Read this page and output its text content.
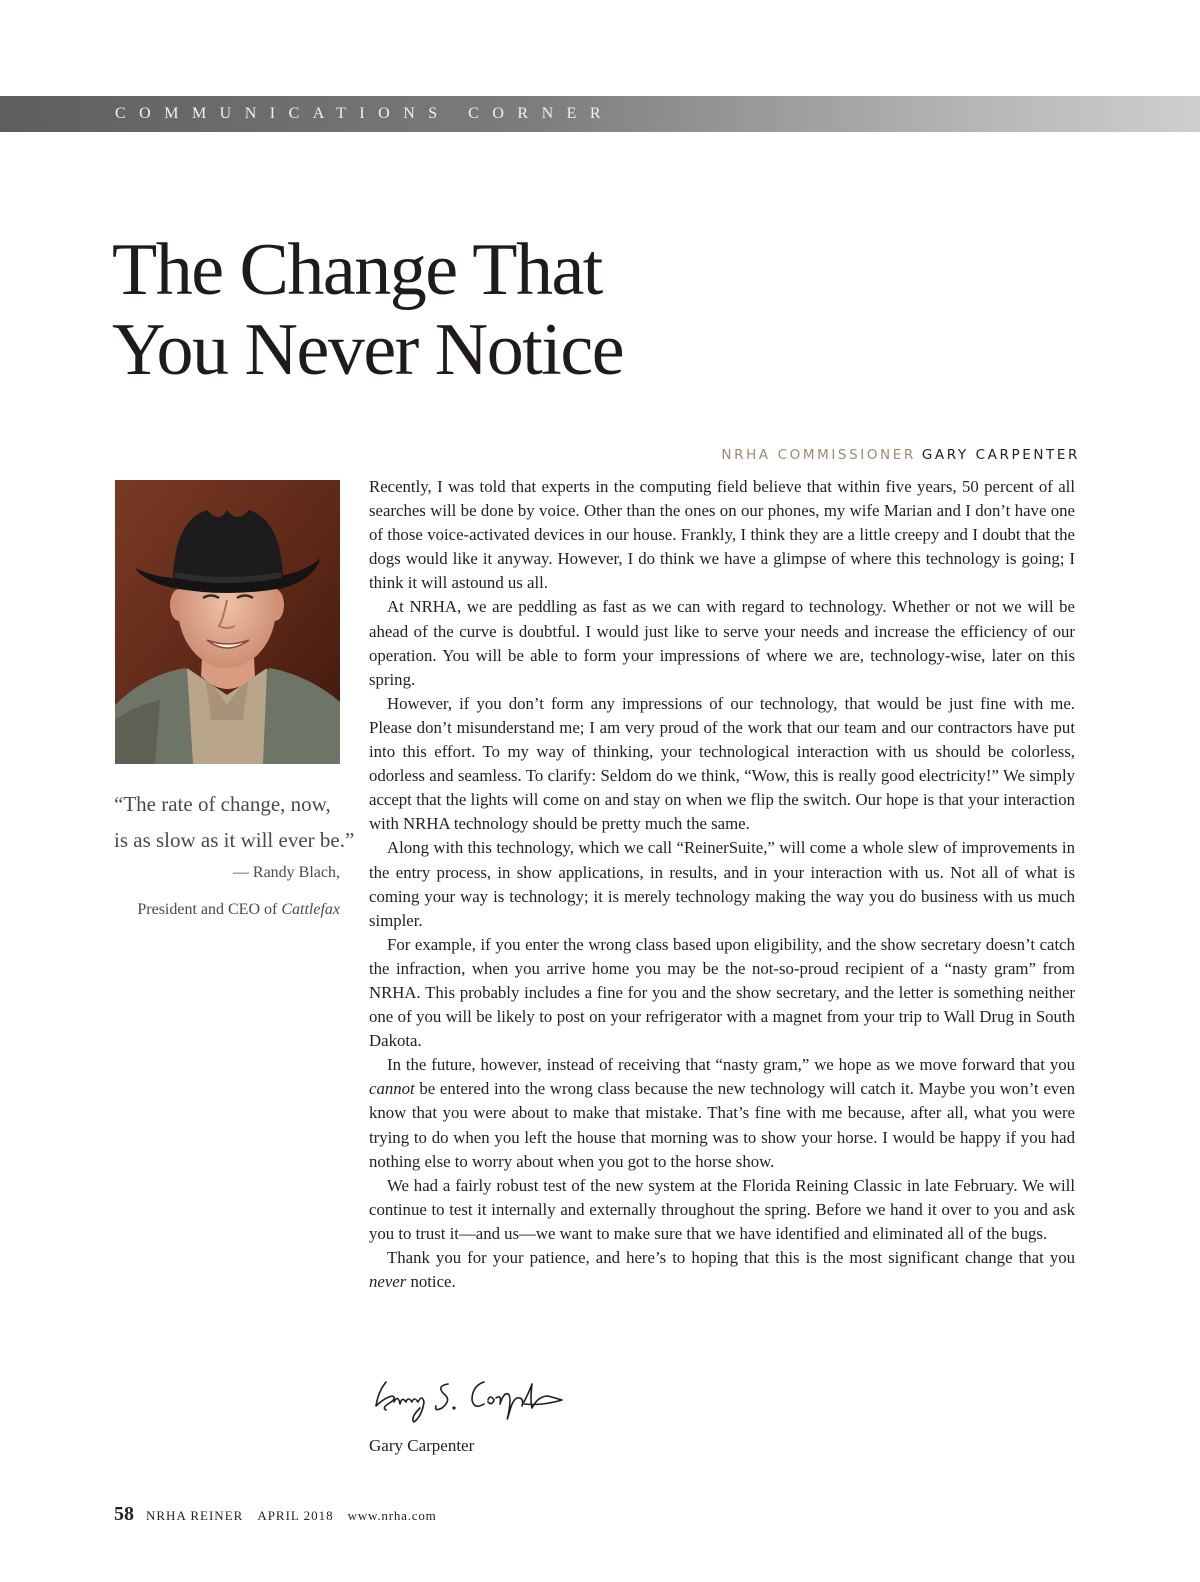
COMMUNICATIONS CORNER
The Change That
You Never Notice
NRHA COMMISSIONER GARY CARPENTER

“The rate of change, now,
is as slow as it will ever be.”

— Randy Blach,
President and CEO of Cattlefax

Recently, I was told that experts in the computing field believe that within five years, 50 percent of all searches will be done by voice. Other than the ones on our phones, my wife Marian and I don’t have one of those voice-activated devices in our house. Frankly, I think they are a little creepy and I doubt that the dogs would like it anyway. However, I do think we have a glimpse of where this technology is going; I think it will astound us all.

At NRHA, we are peddling as fast as we can with regard to technology. Whether or not we will be ahead of the curve is doubtful. I would just like to serve your needs and increase the efficiency of our operation. You will be able to form your impressions of where we are, technology-wise, later on this spring.

However, if you don’t form any impressions of our technology, that would be just fine with me. Please don’t misunderstand me; I am very proud of the work that our team and our contractors have put into this effort. To my way of thinking, your technological interaction with us should be colorless, odorless and seamless. To clarify: Seldom do we think, “Wow, this is really good electricity!” We simply accept that the lights will come on and stay on when we flip the switch. Our hope is that your interaction with NRHA technology should be pretty much the same.

Along with this technology, which we call “ReinerSuite,” will come a whole slew of improvements in the entry process, in show applications, in results, and in your interaction with us. Not all of what is coming your way is technology; it is merely technology making the way you do business with us much simpler.

For example, if you enter the wrong class based upon eligibility, and the show secretary doesn’t catch the infraction, when you arrive home you may be the not-so-proud recipient of a “nasty gram” from NRHA. This probably includes a fine for you and the show secretary, and the letter is something neither one of you will be likely to post on your refrigerator with a magnet from your trip to Wall Drug in South Dakota.

In the future, however, instead of receiving that “nasty gram,” we hope as we move forward that you cannot be entered into the wrong class because the new technology will catch it. Maybe you won’t even know that you were about to make that mistake. That’s fine with me because, after all, what you were trying to do when you left the house that morning was to show your horse. I would be happy if you had nothing else to worry about when you got to the horse show.

We had a fairly robust test of the new system at the Florida Reining Classic in late February. We will continue to test it internally and externally throughout the spring. Before we hand it over to you and ask you to trust it—and us—we want to make sure that we have identified and eliminated all of the bugs.

Thank you for your patience, and here’s to hoping that this is the most significant change that you never notice.

Gary Carpenter
58 NRHA REINER APRIL 2018 www.nrha.com
